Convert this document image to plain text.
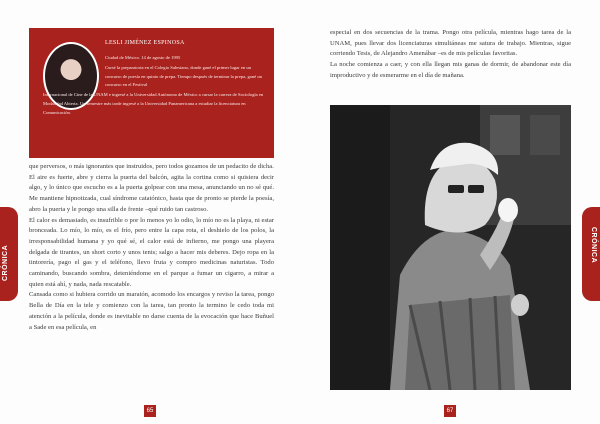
LESLI JIMÉNEZ ESPINOSA

Ciudad de México. 14 de agosto de 1995

Cursé la preparatoria en el Colegio Salesiano, donde gané el primer lugar en un concurso de poesía en quinto de prepa. Tiempo después de terminar la prepa, gané un concurso en el Festival

Internacional de Cine de la UNAM e ingresé a la Universidad Autónoma de México a cursar la carrera de Sociología en Modalidad Abierta. Un semestre más tarde ingresé a la Universidad Panamericana a estudiar la licenciatura en Comunicación.

que perversos, o más ignorantes que instruidos, pero todos gozamos de un pedacito de dicha.

El aire es fuerte, abre y cierra la puerta del balcón, agita la cortina como si quisiera decir algo, y lo único que escucho es a la puerta golpear con una mesa, anunciando un no sé qué. Me mantiene hipnotizada, cual síndrome catatónico, hasta que de pronto se pierde la poesía, abro la puerta y le pongo una silla de frente –qué ruido tan castroso.

El calor es demasiado, es insufrible o por lo menos yo lo odio, lo mío no es la playa, ni estar bronceada. Lo mío, lo mío, es el frío, pero entre la capa rota, el deshielo de los polos, la irresponsabilidad humana y yo qué sé, el calor está de infierno, me pongo una playera delgada de tirantes, un short corto y unos tenis; salgo a hacer mis deberes. Dejo ropa en la tintorería, pago el gas y el teléfono, llevo fruta y compro medicinas naturistas. Todo caminando, buscando sombra, deteniéndome en el parque a fumar un cigarro, a mirar a quien está ahí, y nada, nada rescatable.

Cansada como si hubiera corrido un maratón, acomodo los encargos y reviso la tarea, pongo Bella de Día en la tele y comienzo con la tarea, tan pronto la termino le cedo toda mi atención a la película, donde es inevitable no darse cuenta de la evocación que hace Buñuel a Sade en esa película, en

CRÓNICA
65

especial en dos secuencias de la trama. Pongo otra película, mientras hago tarea de la UNAM, pues llevar dos licenciaturas simultáneas me satura de trabajo. Mientras, sigue corriendo Tesis, de Alejandro Amenábar –es de mis películas favoritas.

La noche comienza a caer, y con ella llegan mis ganas de dormir, de abandonar este día improductivo y de esmerarme en el día de mañana.

CRÓNICA
67
